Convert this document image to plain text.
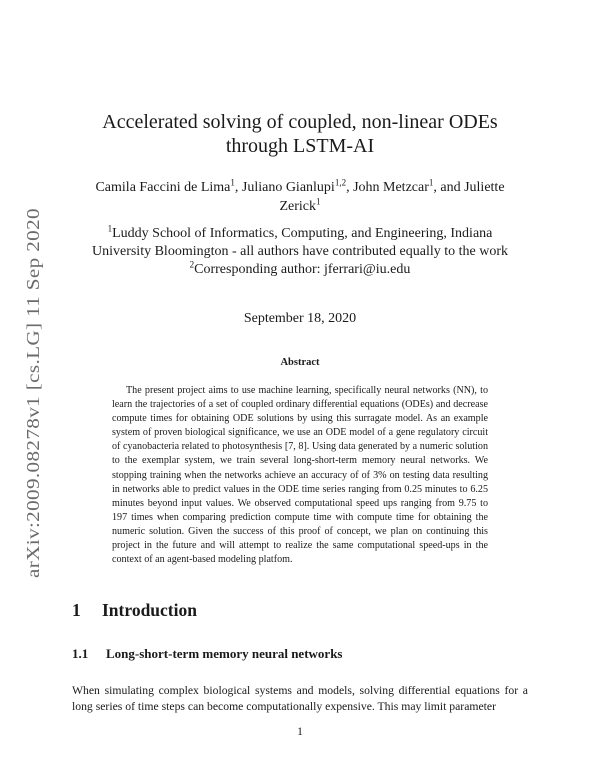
arXiv:2009.08278v1 [cs.LG] 11 Sep 2020
Accelerated solving of coupled, non-linear ODEs
through LSTM-AI
Camila Faccini de Lima$^1$, Juliano Gianlupi$^{1,2}$, John Metzcar$^1$, and Juliette
Zerick$^1$
$^1$Luddy School of Informatics, Computing, and Engineering, Indiana
University Bloomington - all authors have contributed equally to the work
$^2$Corresponding author: jferrari@iu.edu
September 18, 2020
Abstract

The present project aims to use machine learning, specifically neural networks (NN), to learn the trajectories of a set of coupled ordinary differential equations (ODEs) and decrease compute times for obtaining ODE solutions by using this surragate model. As an example system of proven biological significance, we use an ODE model of a gene regulatory circuit of cyanobacteria related to photosynthesis [7, 8]. Using data generated by a numeric solution to the exemplar system, we train several long-short-term memory neural networks. We stopping training when the networks achieve an accuracy of of 3% on testing data resulting in networks able to predict values in the ODE time series ranging from 0.25 minutes to 6.25 minutes beyond input values. We observed computational speed ups ranging from 9.75 to 197 times when comparing prediction compute time with compute time for obtaining the numeric solution. Given the success of this proof of concept, we plan on continuing this project in the future and will attempt to realize the same computational speed-ups in the context of an agent-based modeling platfom.

1 Introduction
1.1 Long-short-term memory neural networks

When simulating complex biological systems and models, solving differential equations for a long series of time steps can become computationally expensive. This may limit parameter

1
